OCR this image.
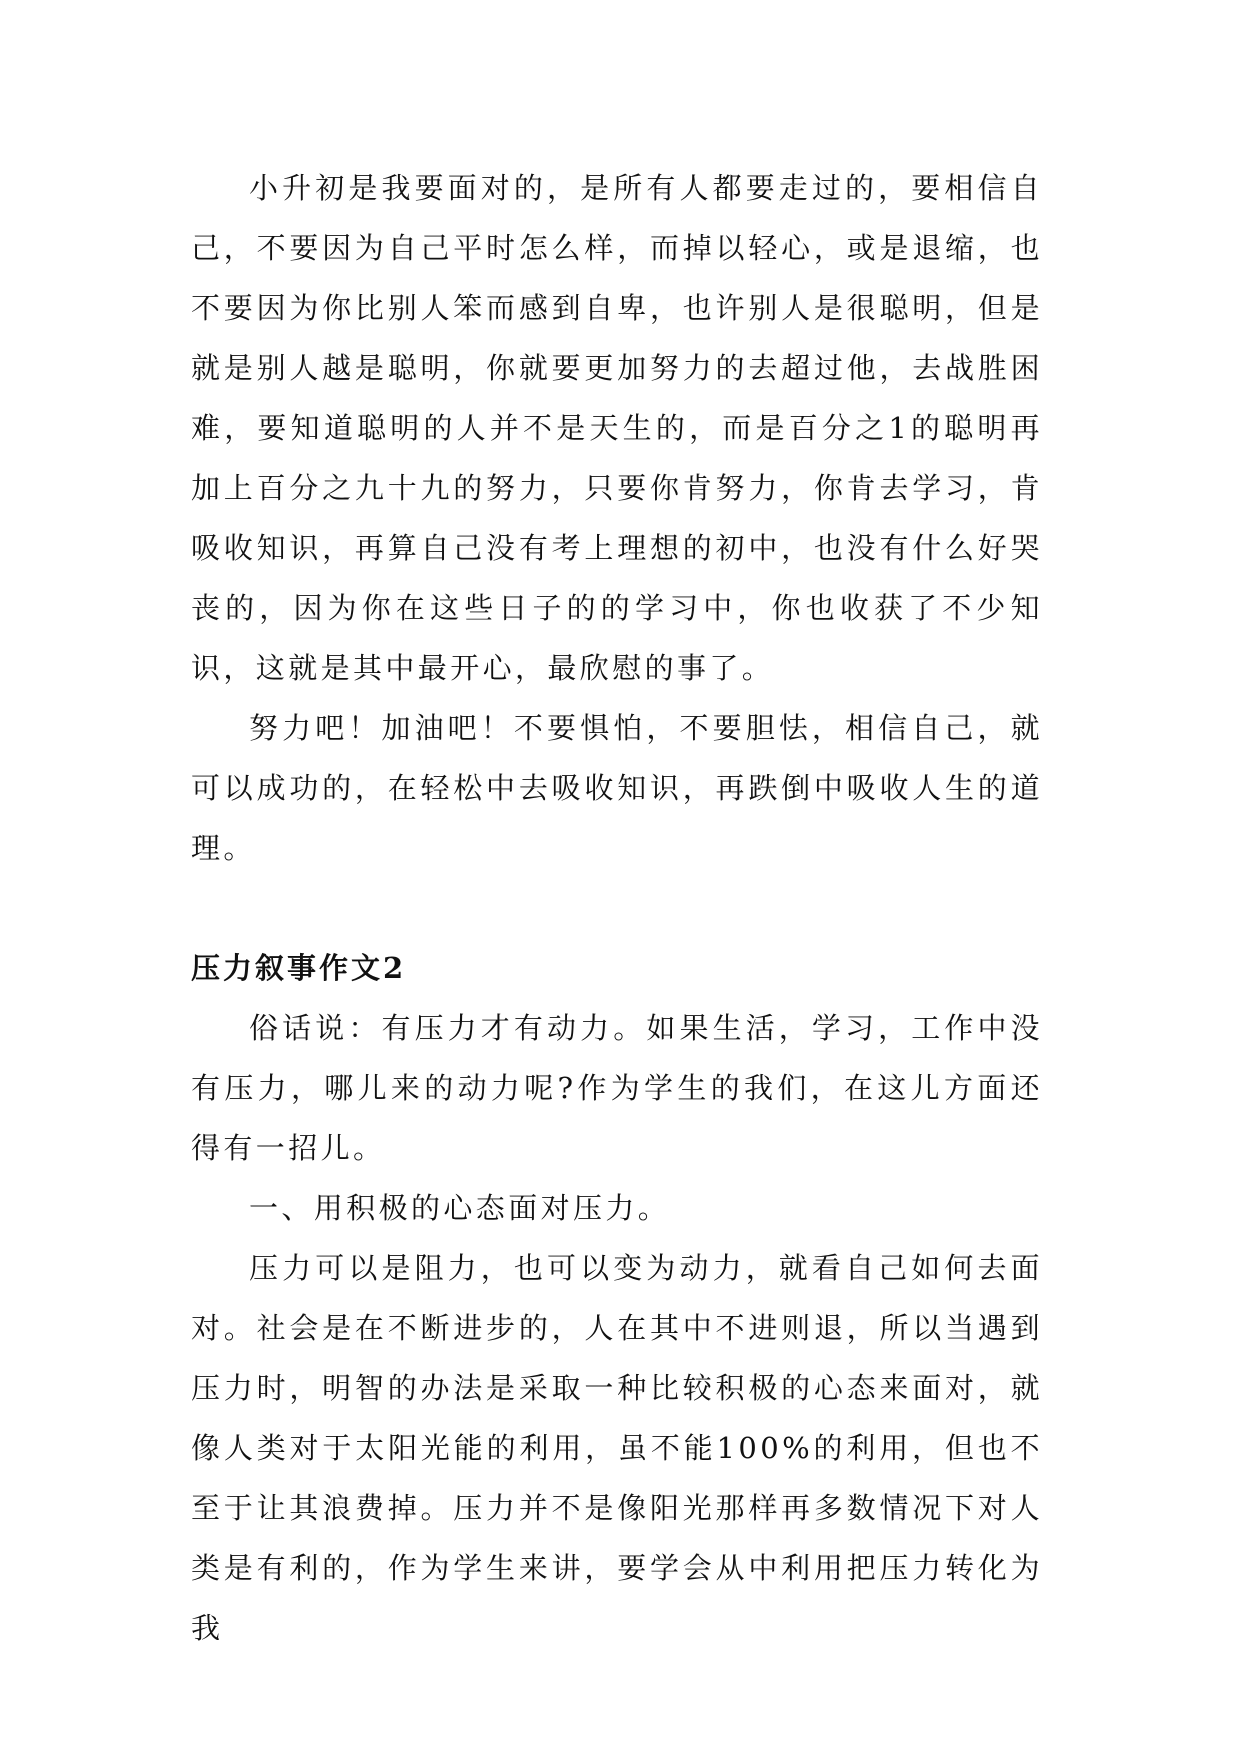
小升初是我要面对的，是所有人都要走过的，要相信自己，不要因为自己平时怎么样，而掉以轻心，或是退缩，也不要因为你比别人笨而感到自卑，也许别人是很聪明，但是就是别人越是聪明，你就要更加努力的去超过他，去战胜困难，要知道聪明的人并不是天生的，而是百分之1的聪明再加上百分之九十九的努力，只要你肯努力，你肯去学习，肯吸收知识，再算自己没有考上理想的初中，也没有什么好哭丧的，因为你在这些日子的的学习中，你也收获了不少知识，这就是其中最开心，最欣慰的事了。

努力吧！加油吧！不要惧怕，不要胆怯，相信自己，就可以成功的，在轻松中去吸收知识，再跌倒中吸收人生的道理。

压力叙事作文2

俗话说：有压力才有动力。如果生活，学习，工作中没有压力，哪儿来的动力呢?作为学生的我们，在这儿方面还得有一招儿。

一、用积极的心态面对压力。

压力可以是阻力，也可以变为动力，就看自己如何去面对。社会是在不断进步的，人在其中不进则退，所以当遇到压力时，明智的办法是采取一种比较积极的心态来面对，就像人类对于太阳光能的利用，虽不能100%的利用，但也不至于让其浪费掉。压力并不是像阳光那样再多数情况下对人类是有利的，作为学生来讲，要学会从中利用把压力转化为我
